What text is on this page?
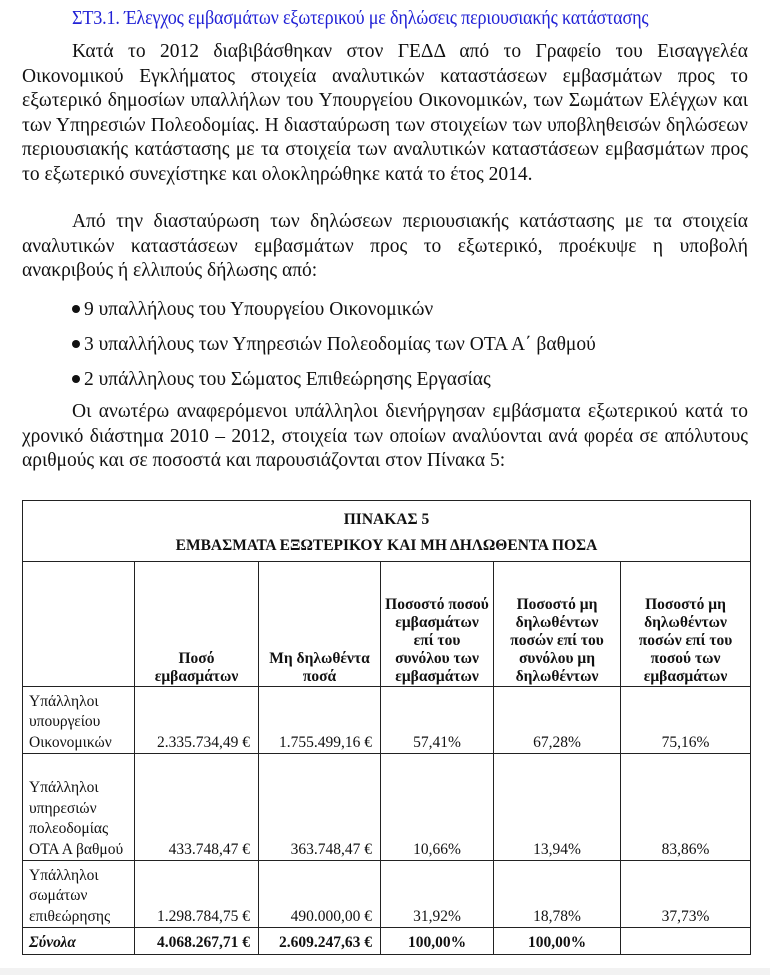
ΣΤ3.1. Έλεγχος εμβασμάτων εξωτερικού με δηλώσεις περιουσιακής κατάστασης

Κατά το 2012 διαβιβάσθηκαν στον ΓΕΔΔ από το Γραφείο του Εισαγγελέα Οικονομικού Εγκλήματος στοιχεία αναλυτικών καταστάσεων εμβασμάτων προς το εξωτερικό δημοσίων υπαλλήλων του Υπουργείου Οικονομικών, των Σωμάτων Ελέγχων και των Υπηρεσιών Πολεοδομίας. Η διασταύρωση των στοιχείων των υποβληθεισών δηλώσεων περιουσιακής κατάστασης με τα στοιχεία των αναλυτικών καταστάσεων εμβασμάτων προς το εξωτερικό συνεχίστηκε και ολοκληρώθηκε κατά το έτος 2014.

Από την διασταύρωση των δηλώσεων περιουσιακής κατάστασης με τα στοιχεία αναλυτικών καταστάσεων εμβασμάτων προς το εξωτερικό, προέκυψε η υποβολή ανακριβούς ή ελλιπούς δήλωσης από:

9 υπαλλήλους του Υπουργείου Οικονομικών
3 υπαλλήλους των Υπηρεσιών Πολεοδομίας των ΟΤΑ Α΄ βαθμού
2 υπάλληλους του Σώματος Επιθεώρησης Εργασίας

Οι ανωτέρω αναφερόμενοι υπάλληλοι διενήργησαν εμβάσματα εξωτερικού κατά το χρονικό διάστημα 2010 – 2012, στοιχεία των οποίων αναλύονται ανά φορέα σε απόλυτους αριθμούς και σε ποσοστά και παρουσιάζονται στον Πίνακα 5:

ΠΙΝΑΚΑΣ 5
ΕΜΒΑΣΜΑΤΑ ΕΞΩΤΕΡΙΚΟΥ ΚΑΙ ΜΗ ΔΗΛΩΘΕΝΤΑ ΠΟΣΑ					

	Ποσό εμβασμάτων	Μη δηλωθέντα ποσά	Ποσοστό ποσού εμβασμάτων επί του συνόλου των εμβασμάτων	Ποσοστό μη δηλωθέντων ποσών επί του συνόλου μη δηλωθέντων	Ποσοστό μη δηλωθέντων ποσών επί του ποσού των εμβασμάτων
Υπάλληλοι υπουργείου Οικονομικών	2.335.734,49 €	1.755.499,16 €	57,41%	67,28%	75,16%
Υπάλληλοι υπηρεσιών πολεοδομίας ΟΤΑ Α βαθμού	433.748,47 €	363.748,47 €	10,66%	13,94%	83,86%
Υπάλληλοι σωμάτων επιθεώρησης	1.298.784,75 €	490.000,00 €	31,92%	18,78%	37,73%
Σύνολα	4.068.267,71 €	2.609.247,63 €	100,00%	100,00%	
